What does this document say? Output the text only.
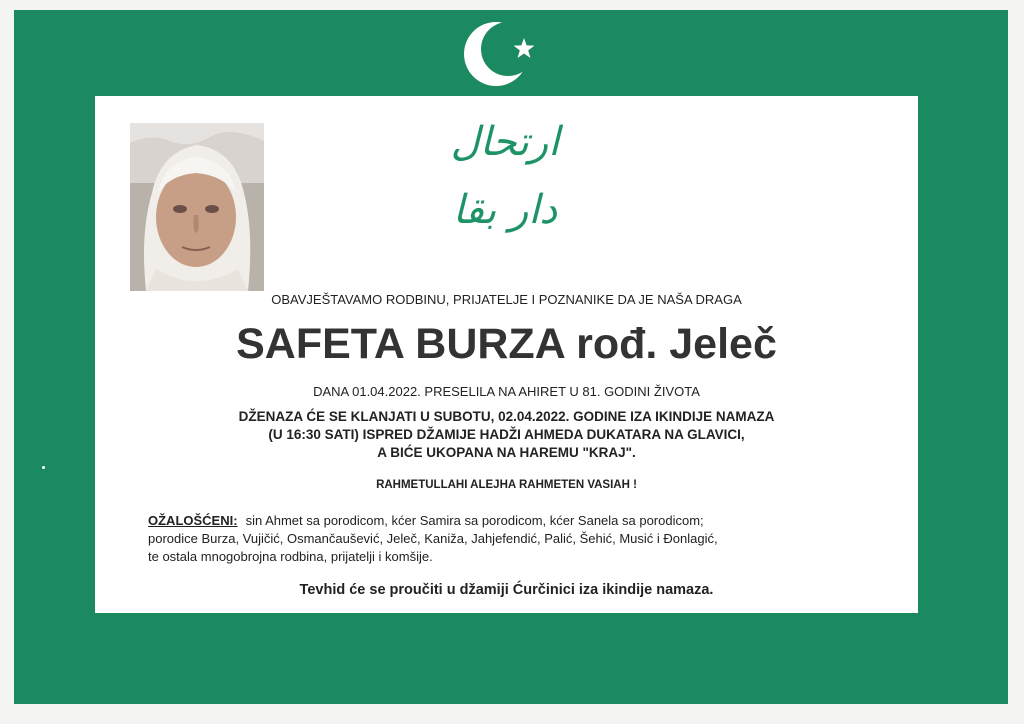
ارتحال دار بقا
OBAVJEŠTAVAMO RODBINU, PRIJATELJE I POZNANIKE DA JE NAŠA DRAGA
SAFETA BURZA rođ. Jeleč
DANA 01.04.2022. PRESELILA NA AHIRET U 81. GODINI ŽIVOTA
DŽENAZA ĆE SE KLANJATI U SUBOTU, 02.04.2022. GODINE IZA IKINDIJE NAMAZA
(U 16:30 SATI) ISPRED DŽAMIJE HADŽI AHMEDA DUKATARA NA GLAVICI,
A BIĆE UKOPANA NA HAREMU "KRAJ".
RAHMETULLAHI ALEJHA RAHMETEN VASIAH !
OŽALOŠĆENI: sin Ahmet sa porodicom, kćer Samira sa porodicom, kćer Sanela sa porodicom;
porodice Burza, Vujičić, Osmančaušević, Jeleč, Kaniža, Jahjefendić, Palić, Šehić, Musić i Đonlagić,
te ostala mnogobrojna rodbina, prijatelji i komšije.
Tevhid će se proučiti u džamiji Ćurčinici iza ikindije namaza.
